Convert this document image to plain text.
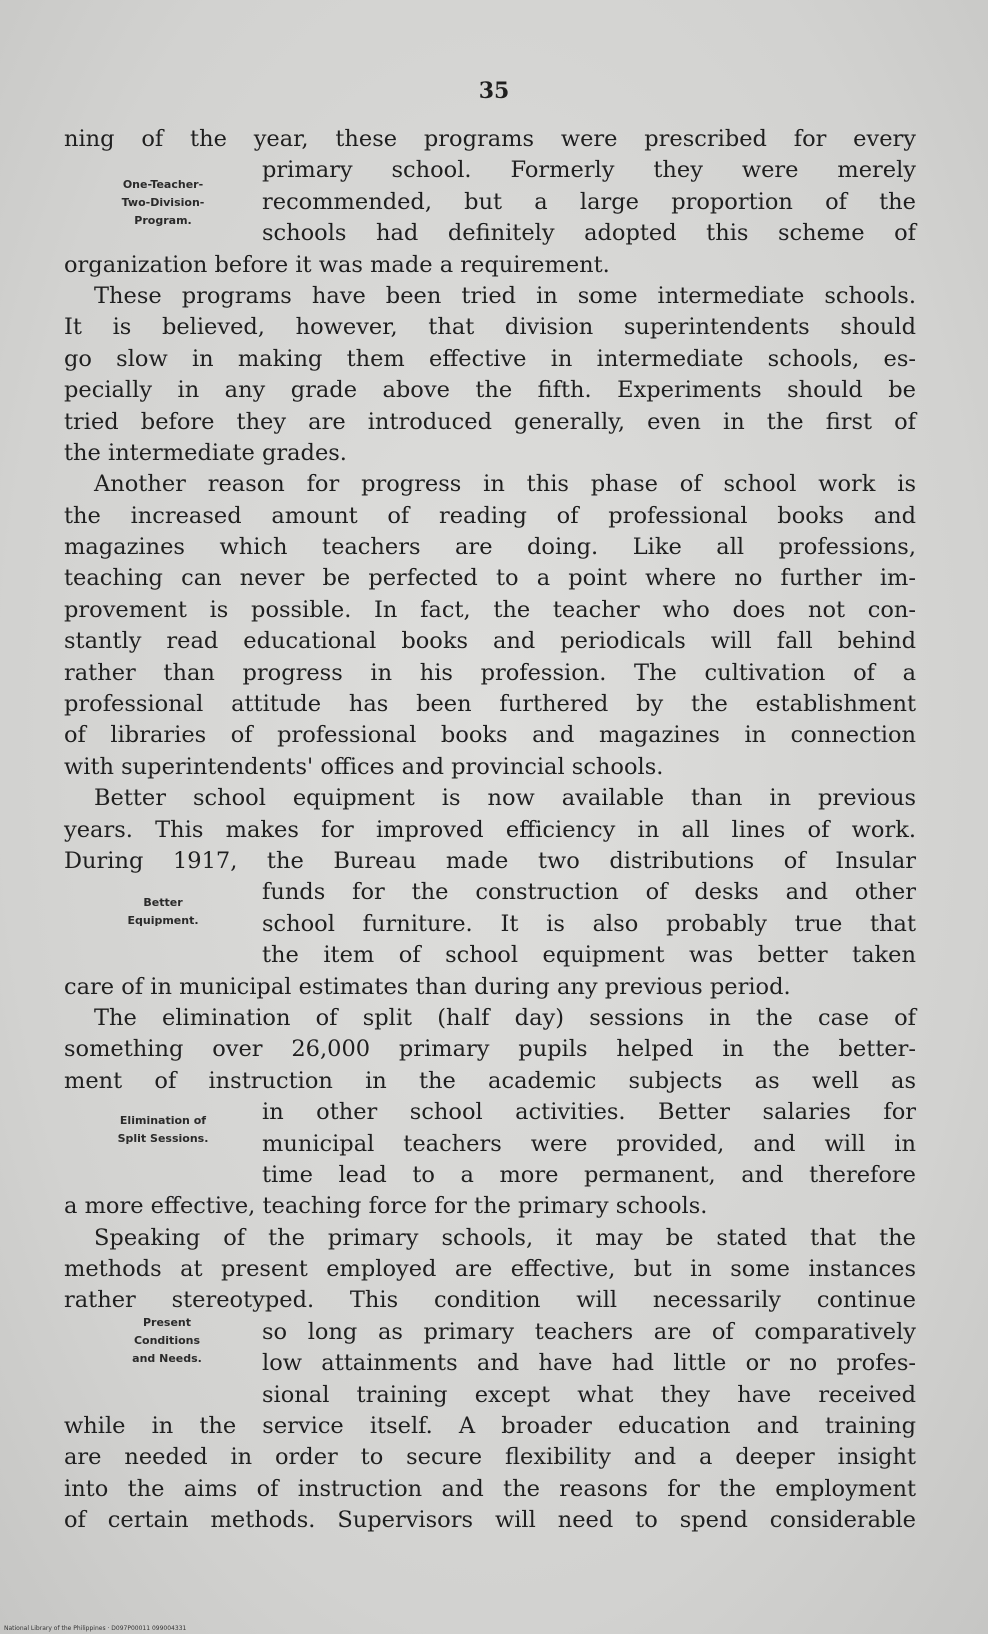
35
ning of the year, these programs were prescribed for every
primary school. Formerly they were merely
recommended, but a large proportion of the
schools had definitely adopted this scheme of
organization before it was made a requirement.
These programs have been tried in some intermediate schools.
It is believed, however, that division superintendents should
go slow in making them effective in intermediate schools, es-
pecially in any grade above the fifth. Experiments should be
tried before they are introduced generally, even in the first of
the intermediate grades.
Another reason for progress in this phase of school work is
the increased amount of reading of professional books and
magazines which teachers are doing. Like all professions,
teaching can never be perfected to a point where no further im-
provement is possible. In fact, the teacher who does not con-
stantly read educational books and periodicals will fall behind
rather than progress in his profession. The cultivation of a
professional attitude has been furthered by the establishment
of libraries of professional books and magazines in connection
with superintendents' offices and provincial schools.
Better school equipment is now available than in previous
years. This makes for improved efficiency in all lines of work.
During 1917, the Bureau made two distributions of Insular
funds for the construction of desks and other
school furniture. It is also probably true that
the item of school equipment was better taken
care of in municipal estimates than during any previous period.
The elimination of split (half day) sessions in the case of
something over 26,000 primary pupils helped in the better-
ment of instruction in the academic subjects as well as
in other school activities. Better salaries for
municipal teachers were provided, and will in
time lead to a more permanent, and therefore
a more effective, teaching force for the primary schools.
Speaking of the primary schools, it may be stated that the
methods at present employed are effective, but in some instances
rather stereotyped. This condition will necessarily continue
so long as primary teachers are of comparatively
low attainments and have had little or no profes-
sional training except what they have received
while in the service itself. A broader education and training
are needed in order to secure flexibility and a deeper insight
into the aims of instruction and the reasons for the employment
of certain methods. Supervisors will need to spend considerable
One-Teacher-
Two-Division-
Program.
Better
Equipment.
Elimination of
Split Sessions.
Present
Conditions
and Needs.
National Library of the Philippines · D097P00011 099004331
